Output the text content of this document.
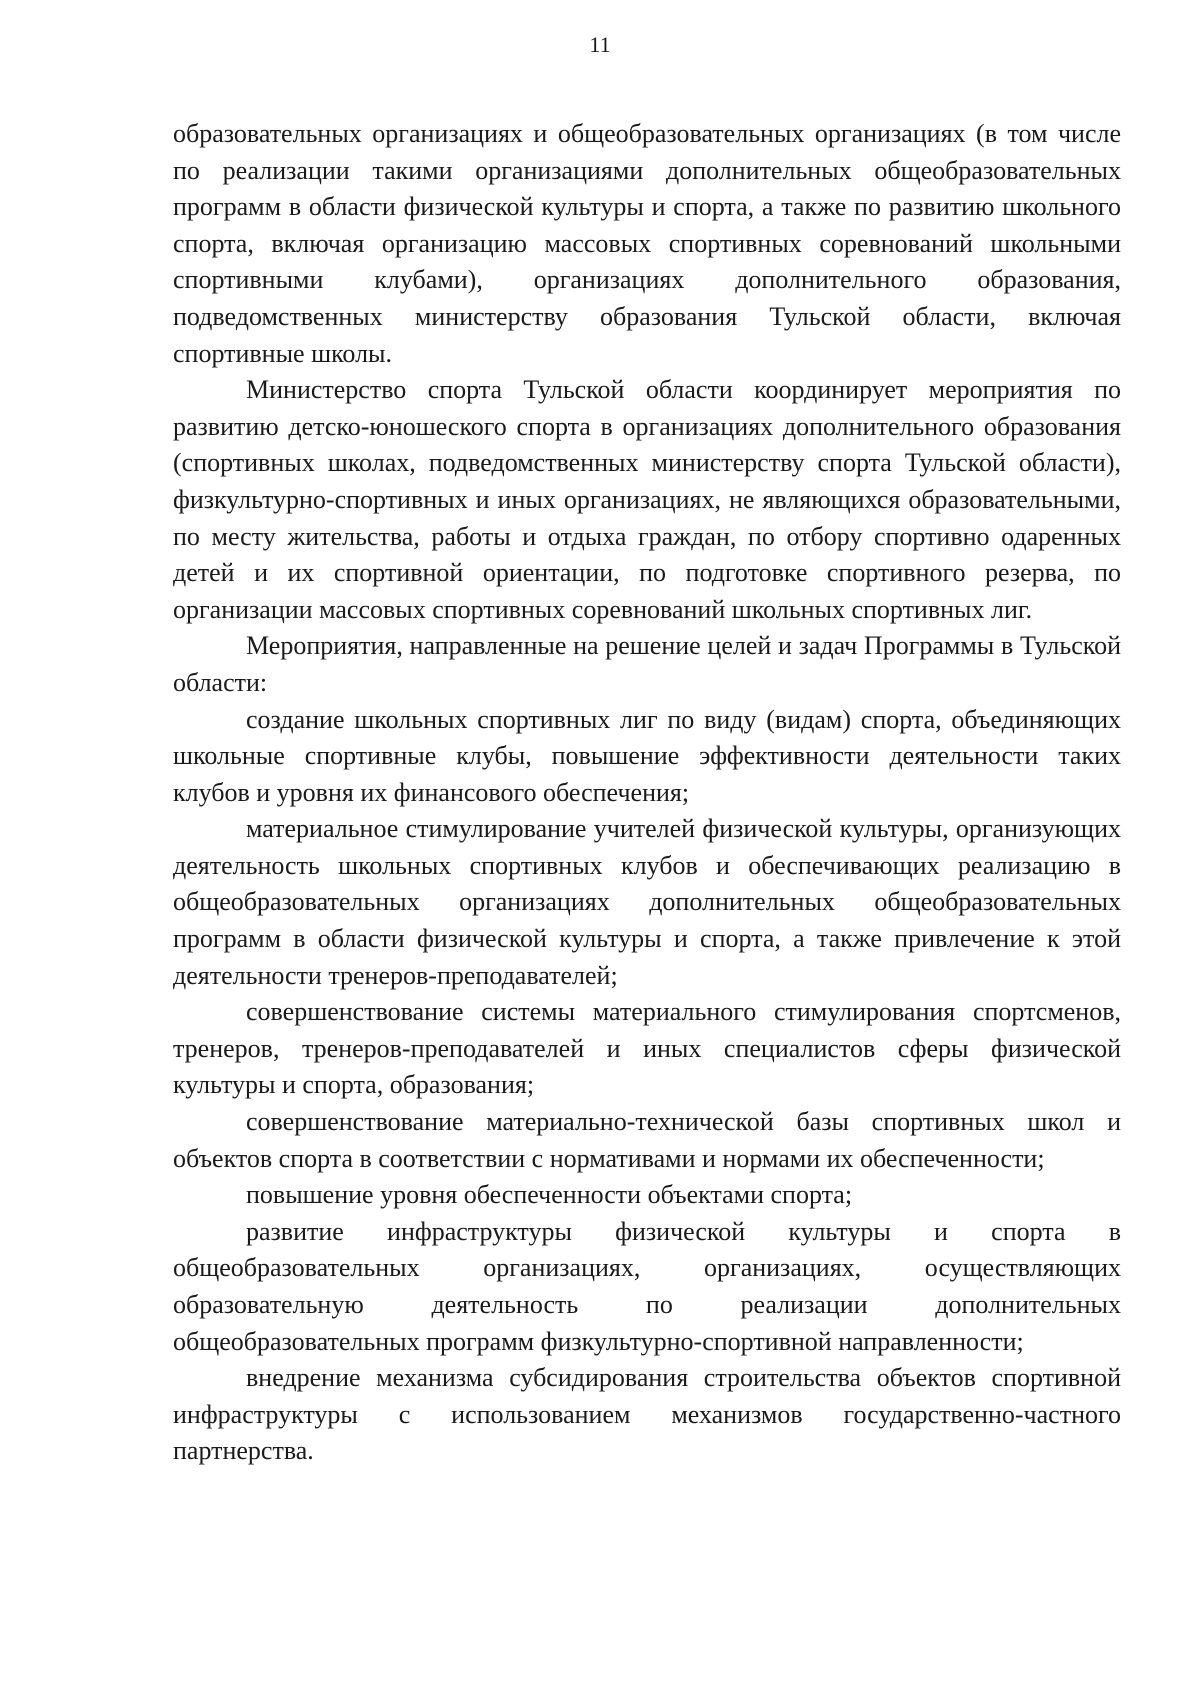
11

образовательных организациях и общеобразовательных организациях (в том числе по реализации такими организациями дополнительных общеобразовательных программ в области физической культуры и спорта, а также по развитию школьного спорта, включая организацию массовых спортивных соревнований школьными спортивными клубами), организациях дополнительного образования, подведомственных министерству образования Тульской области, включая спортивные школы.

Министерство спорта Тульской области координирует мероприятия по развитию детско-юношеского спорта в организациях дополнительного образования (спортивных школах, подведомственных министерству спорта Тульской области), физкультурно-спортивных и иных организациях, не являющихся образовательными, по месту жительства, работы и отдыха граждан, по отбору спортивно одаренных детей и их спортивной ориентации, по подготовке спортивного резерва, по организации массовых спортивных соревнований школьных спортивных лиг.

Мероприятия, направленные на решение целей и задач Программы в Тульской области:

создание школьных спортивных лиг по виду (видам) спорта, объединяющих школьные спортивные клубы, повышение эффективности деятельности таких клубов и уровня их финансового обеспечения;

материальное стимулирование учителей физической культуры, организующих деятельность школьных спортивных клубов и обеспечивающих реализацию в общеобразовательных организациях дополнительных общеобразовательных программ в области физической культуры и спорта, а также привлечение к этой деятельности тренеров-преподавателей;

совершенствование системы материального стимулирования спортсменов, тренеров, тренеров-преподавателей и иных специалистов сферы физической культуры и спорта, образования;

совершенствование материально-технической базы спортивных школ и объектов спорта в соответствии с нормативами и нормами их обеспеченности;

повышение уровня обеспеченности объектами спорта;

развитие инфраструктуры физической культуры и спорта в общеобразовательных организациях, организациях, осуществляющих образовательную деятельность по реализации дополнительных общеобразовательных программ физкультурно-спортивной направленности;

внедрение механизма субсидирования строительства объектов спортивной инфраструктуры с использованием механизмов государственно-частного партнерства.
